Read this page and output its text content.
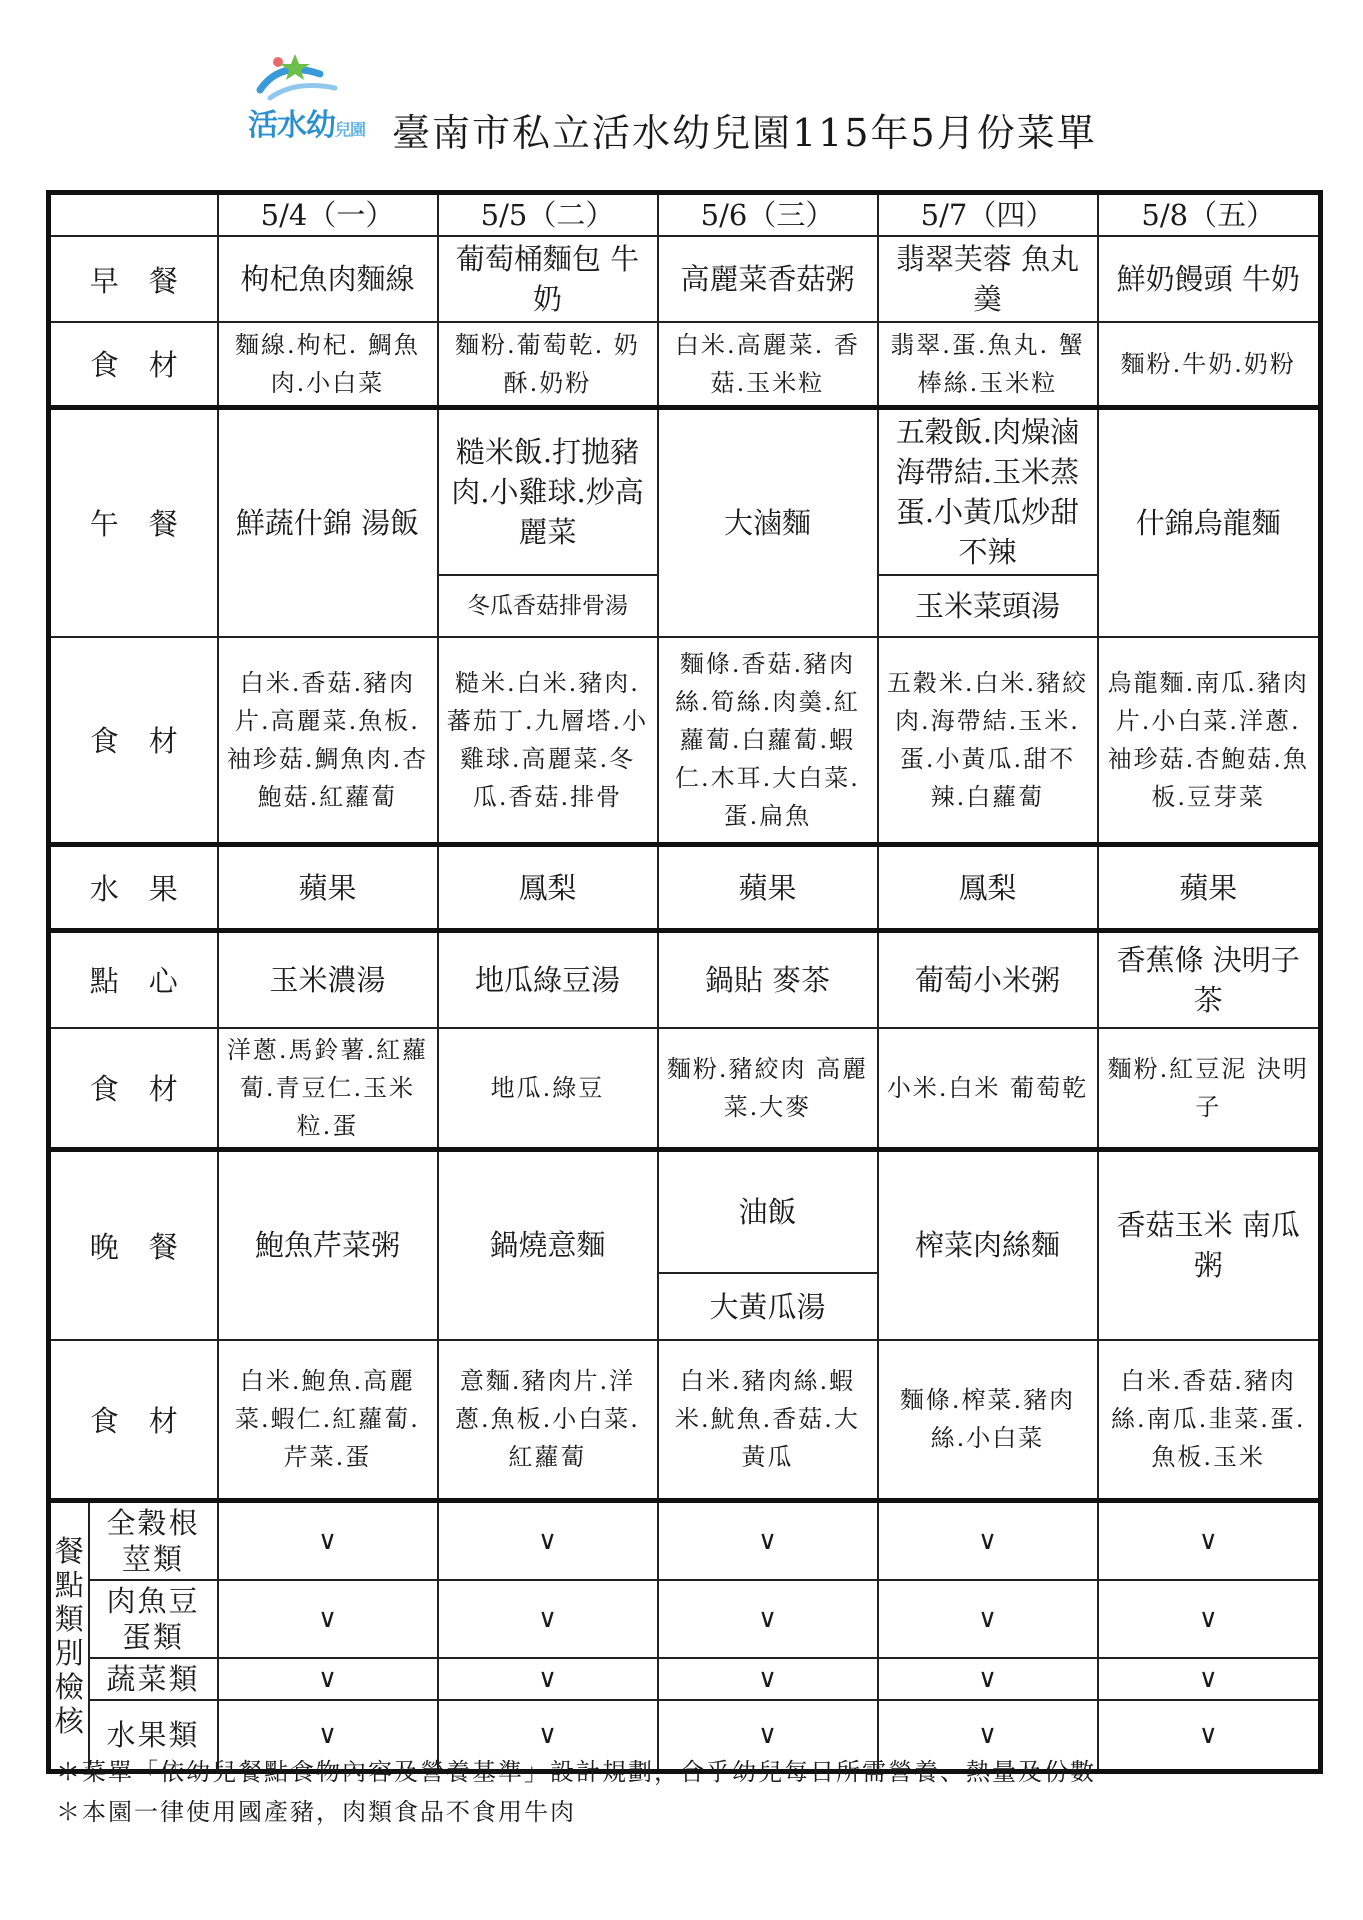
活水幼兒園 臺南市私立活水幼兒園115年5月份菜單
		5/4（一）	5/5（二）	5/6（三）	5/7（四）	5/8（五）
早餐		枸杞魚肉麵線	葡萄桶麵包 牛奶	高麗菜香菇粥	翡翠芙蓉 魚丸羮	鮮奶饅頭 牛奶
食材		麵線.枸杞. 鯛魚肉.小白菜	麵粉.葡萄乾. 奶酥.奶粉	白米.高麗菜. 香菇.玉米粒	翡翠.蛋.魚丸. 蟹棒絲.玉米粒	麵粉.牛奶.奶粉
午餐		鮮蔬什錦 湯飯	糙米飯.打拋豬肉.小雞球.炒高麗菜	大滷麵	五穀飯.肉燥滷海帶結.玉米蒸蛋.小黃瓜炒甜不辣	什錦烏龍麵
			冬瓜香菇排骨湯		玉米菜頭湯	
食材		白米.香菇.豬肉片.高麗菜.魚板.袖珍菇.鯛魚肉.杏鮑菇.紅蘿蔔	糙米.白米.豬肉.蕃茄丁.九層塔.小雞球.高麗菜.冬瓜.香菇.排骨	麵條.香菇.豬肉絲.筍絲.肉羮.紅蘿蔔.白蘿蔔.蝦仁.木耳.大白菜.蛋.扁魚	五穀米.白米.豬絞肉.海帶結.玉米.蛋.小黃瓜.甜不辣.白蘿蔔	烏龍麵.南瓜.豬肉片.小白菜.洋蔥.袖珍菇.杏鮑菇.魚板.豆芽菜
水果		蘋果	鳳梨	蘋果	鳳梨	蘋果
點心		玉米濃湯	地瓜綠豆湯	鍋貼 麥茶	葡萄小米粥	香蕉條 決明子茶
食材		洋蔥.馬鈴薯.紅蘿蔔.青豆仁.玉米粒.蛋	地瓜.綠豆	麵粉.豬絞肉 高麗菜.大麥	小米.白米 葡萄乾	麵粉.紅豆泥 決明子
晚餐		鮑魚芹菜粥	鍋燒意麵	油飯	榨菜肉絲麵	香菇玉米 南瓜粥
				大黃瓜湯		
食材		白米.鮑魚.高麗菜.蝦仁.紅蘿蔔.芹菜.蛋	意麵.豬肉片.洋蔥.魚板.小白菜.紅蘿蔔	白米.豬肉絲.蝦米.魷魚.香菇.大黃瓜	麵條.榨菜.豬肉絲.小白菜	白米.香菇.豬肉絲.南瓜.韭菜.蛋.魚板.玉米
餐點類別檢核	全穀根莖類	∨	∨	∨	∨	∨
	肉魚豆蛋類	∨	∨	∨	∨	∨
	蔬菜類	∨	∨	∨	∨	∨
	水果類	∨	∨	∨	∨	∨
＊菜單「依幼兒餐點食物內容及營養基準」設計規劃，合乎幼兒每日所需營養、熱量及份數
＊本園一律使用國產豬，肉類食品不食用牛肉
